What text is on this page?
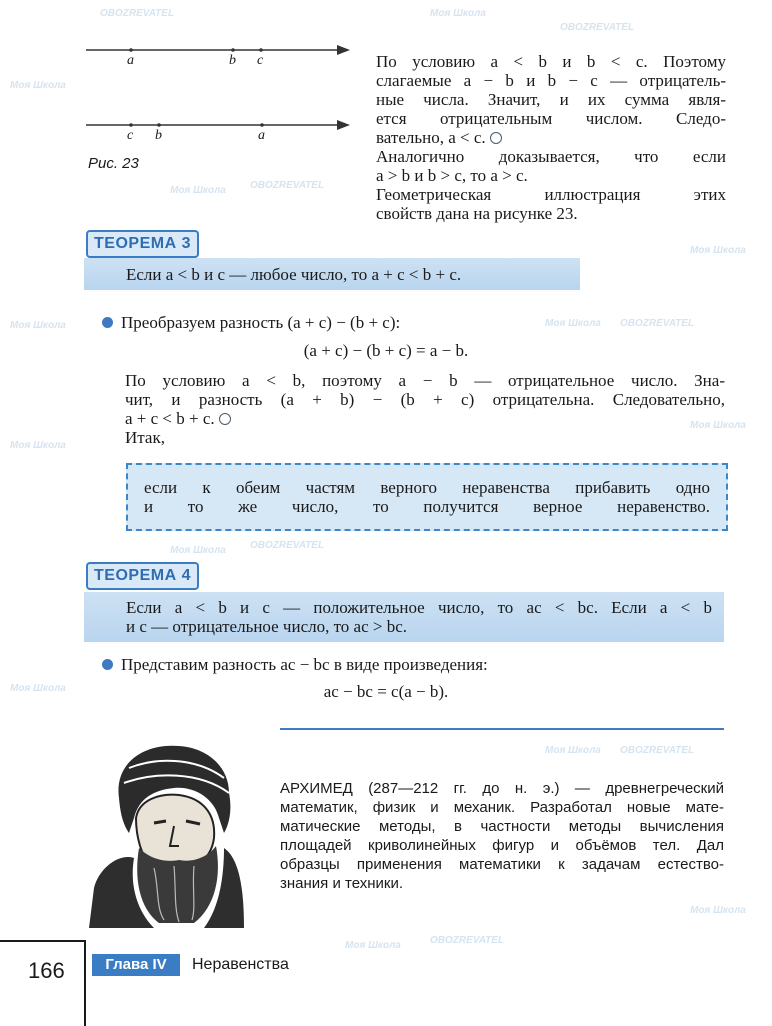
OBOZREVATEL	Моя Школа
OBOZREVATEL
Моя Школа
Моя Школа OBOZREVATEL
Моя Школа
Моя Школа	Моя Школа OBOZREVATEL
Моя Школа
Моя Школа
Моя Школа OBOZREVATEL
Моя Школа
Моя Школа OBOZREVATEL
Моя Школа	OBOZREVATEL
Моя Школа
a	b c
c b	a
Рис. 23
По условию a < b и b < c. Поэтому
слагаемые a − b и b − c — отрицатель-
ные числа. Значит, и их сумма явля-
ется отрицательным числом. Следо-
вательно, a < c.
Аналогично доказывается, что если
a > b и b > c, то a > c.
Геометрическая иллюстрация этих
свойств дана на рисунке 23.
ТЕОРЕМА 3
Если a < b и c — любое число, то a + c < b + c.
Преобразуем разность (a + c) − (b + c):
(a + c) − (b + c) = a − b.
По условию a < b, поэтому a − b — отрицательное число. Зна-
чит, и разность (a + b) − (b + c) отрицательна. Следовательно,
a + c < b + c.
Итак,
если к обеим частям верного неравенства прибавить одно
и то же число, то получится верное неравенство.
ТЕОРЕМА 4
Если a < b и c — положительное число, то ac < bc. Если a < b
и c — отрицательное число, то ac > bc.
Представим разность ac − bc в виде произведения:
ac − bc = c(a − b).
АРХИМЕД (287—212 гг. до н. э.) — древнегреческий
математик, физик и механик. Разработал новые мате-
матические методы, в частности методы вычисления
площадей криволинейных фигур и объёмов тел. Дал
образцы применения математики к задачам естество-
знания и техники.
166	Глава IV	Неравенства
